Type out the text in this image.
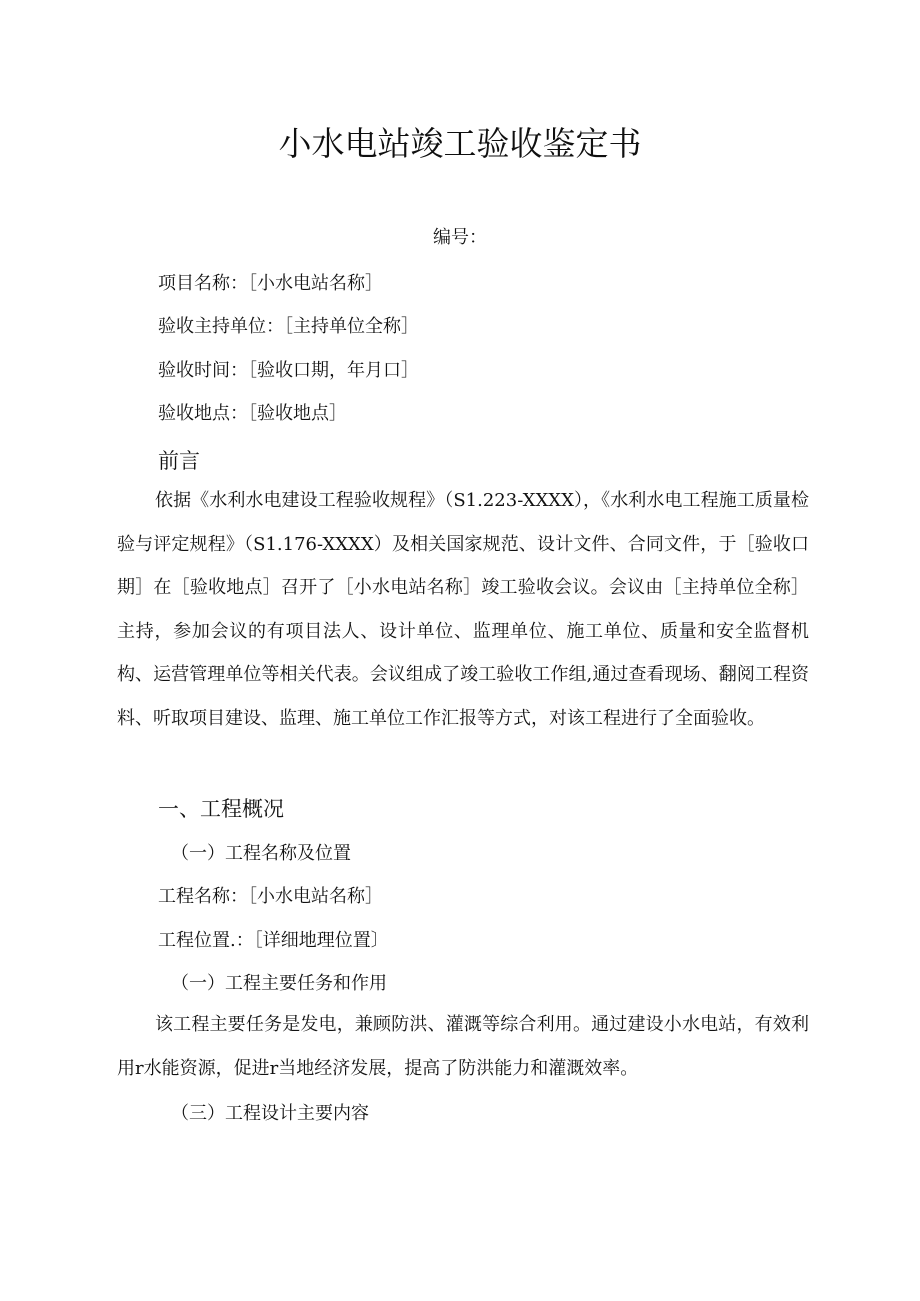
小水电站竣工验收鉴定书
编号：
项目名称：［小水电站名称］
验收主持单位：［主持单位全称］
验收时间：［验收口期，年月口］
验收地点：［验收地点］
前言
依据《水利水电建设工程验收规程》（S1.223-XXXX），《水利水电工程施工质量检验与评定规程》（S1.176-XXXX）及相关国家规范、设计文件、合同文件，于［验收口期］在［验收地点］召开了［小水电站名称］竣工验收会议。会议由［主持单位全称］主持，参加会议的有项目法人、设计单位、监理单位、施工单位、质量和安全监督机构、运营管理单位等相关代表。会议组成了竣工验收工作组,通过查看现场、翻阅工程资料、听取项目建设、监理、施工单位工作汇报等方式，对该工程进行了全面验收。
一、工程概况
（一）工程名称及位置
工程名称：［小水电站名称］
工程位置.：［详细地理位置〕
（一）工程主要任务和作用
该工程主要任务是发电，兼顾防洪、灌溉等综合利用。通过建设小水电站，有效利用r水能资源，促进r当地经济发展，提高了防洪能力和灌溉效率。
（三）工程设计主要内容
